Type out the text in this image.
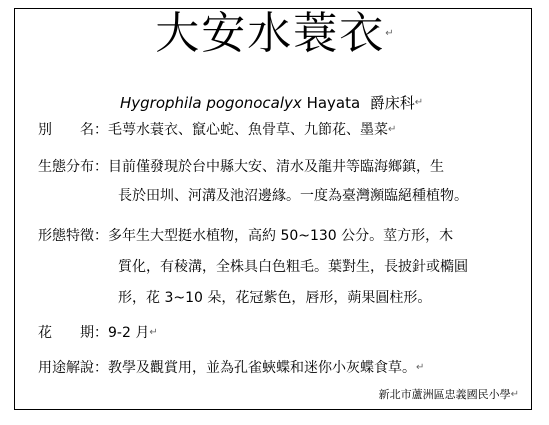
大安水蓑衣↵
Hygrophila pogonocalyx Hayata 爵床科↵
別　　名：毛萼水蓑衣、竄心蛇、魚骨草、九節花、墨菜↵
生態分布：目前僅發現於台中縣大安、清水及龍井等臨海鄉鎮，生
長於田圳、河溝及池沼邊緣。一度為臺灣瀕臨絕種植物。
形態特徵：多年生大型挺水植物，高約 50~130 公分。莖方形，木
質化，有稜溝，全株具白色粗毛。葉對生，長披針或橢圓
形，花 3~10 朵，花冠紫色，唇形，蒴果圓柱形。
花　　期：9-2 月↵
用途解說：教學及觀賞用，並為孔雀蛺蝶和迷你小灰蝶食草。↵
新北市蘆洲區忠義國民小學↵
